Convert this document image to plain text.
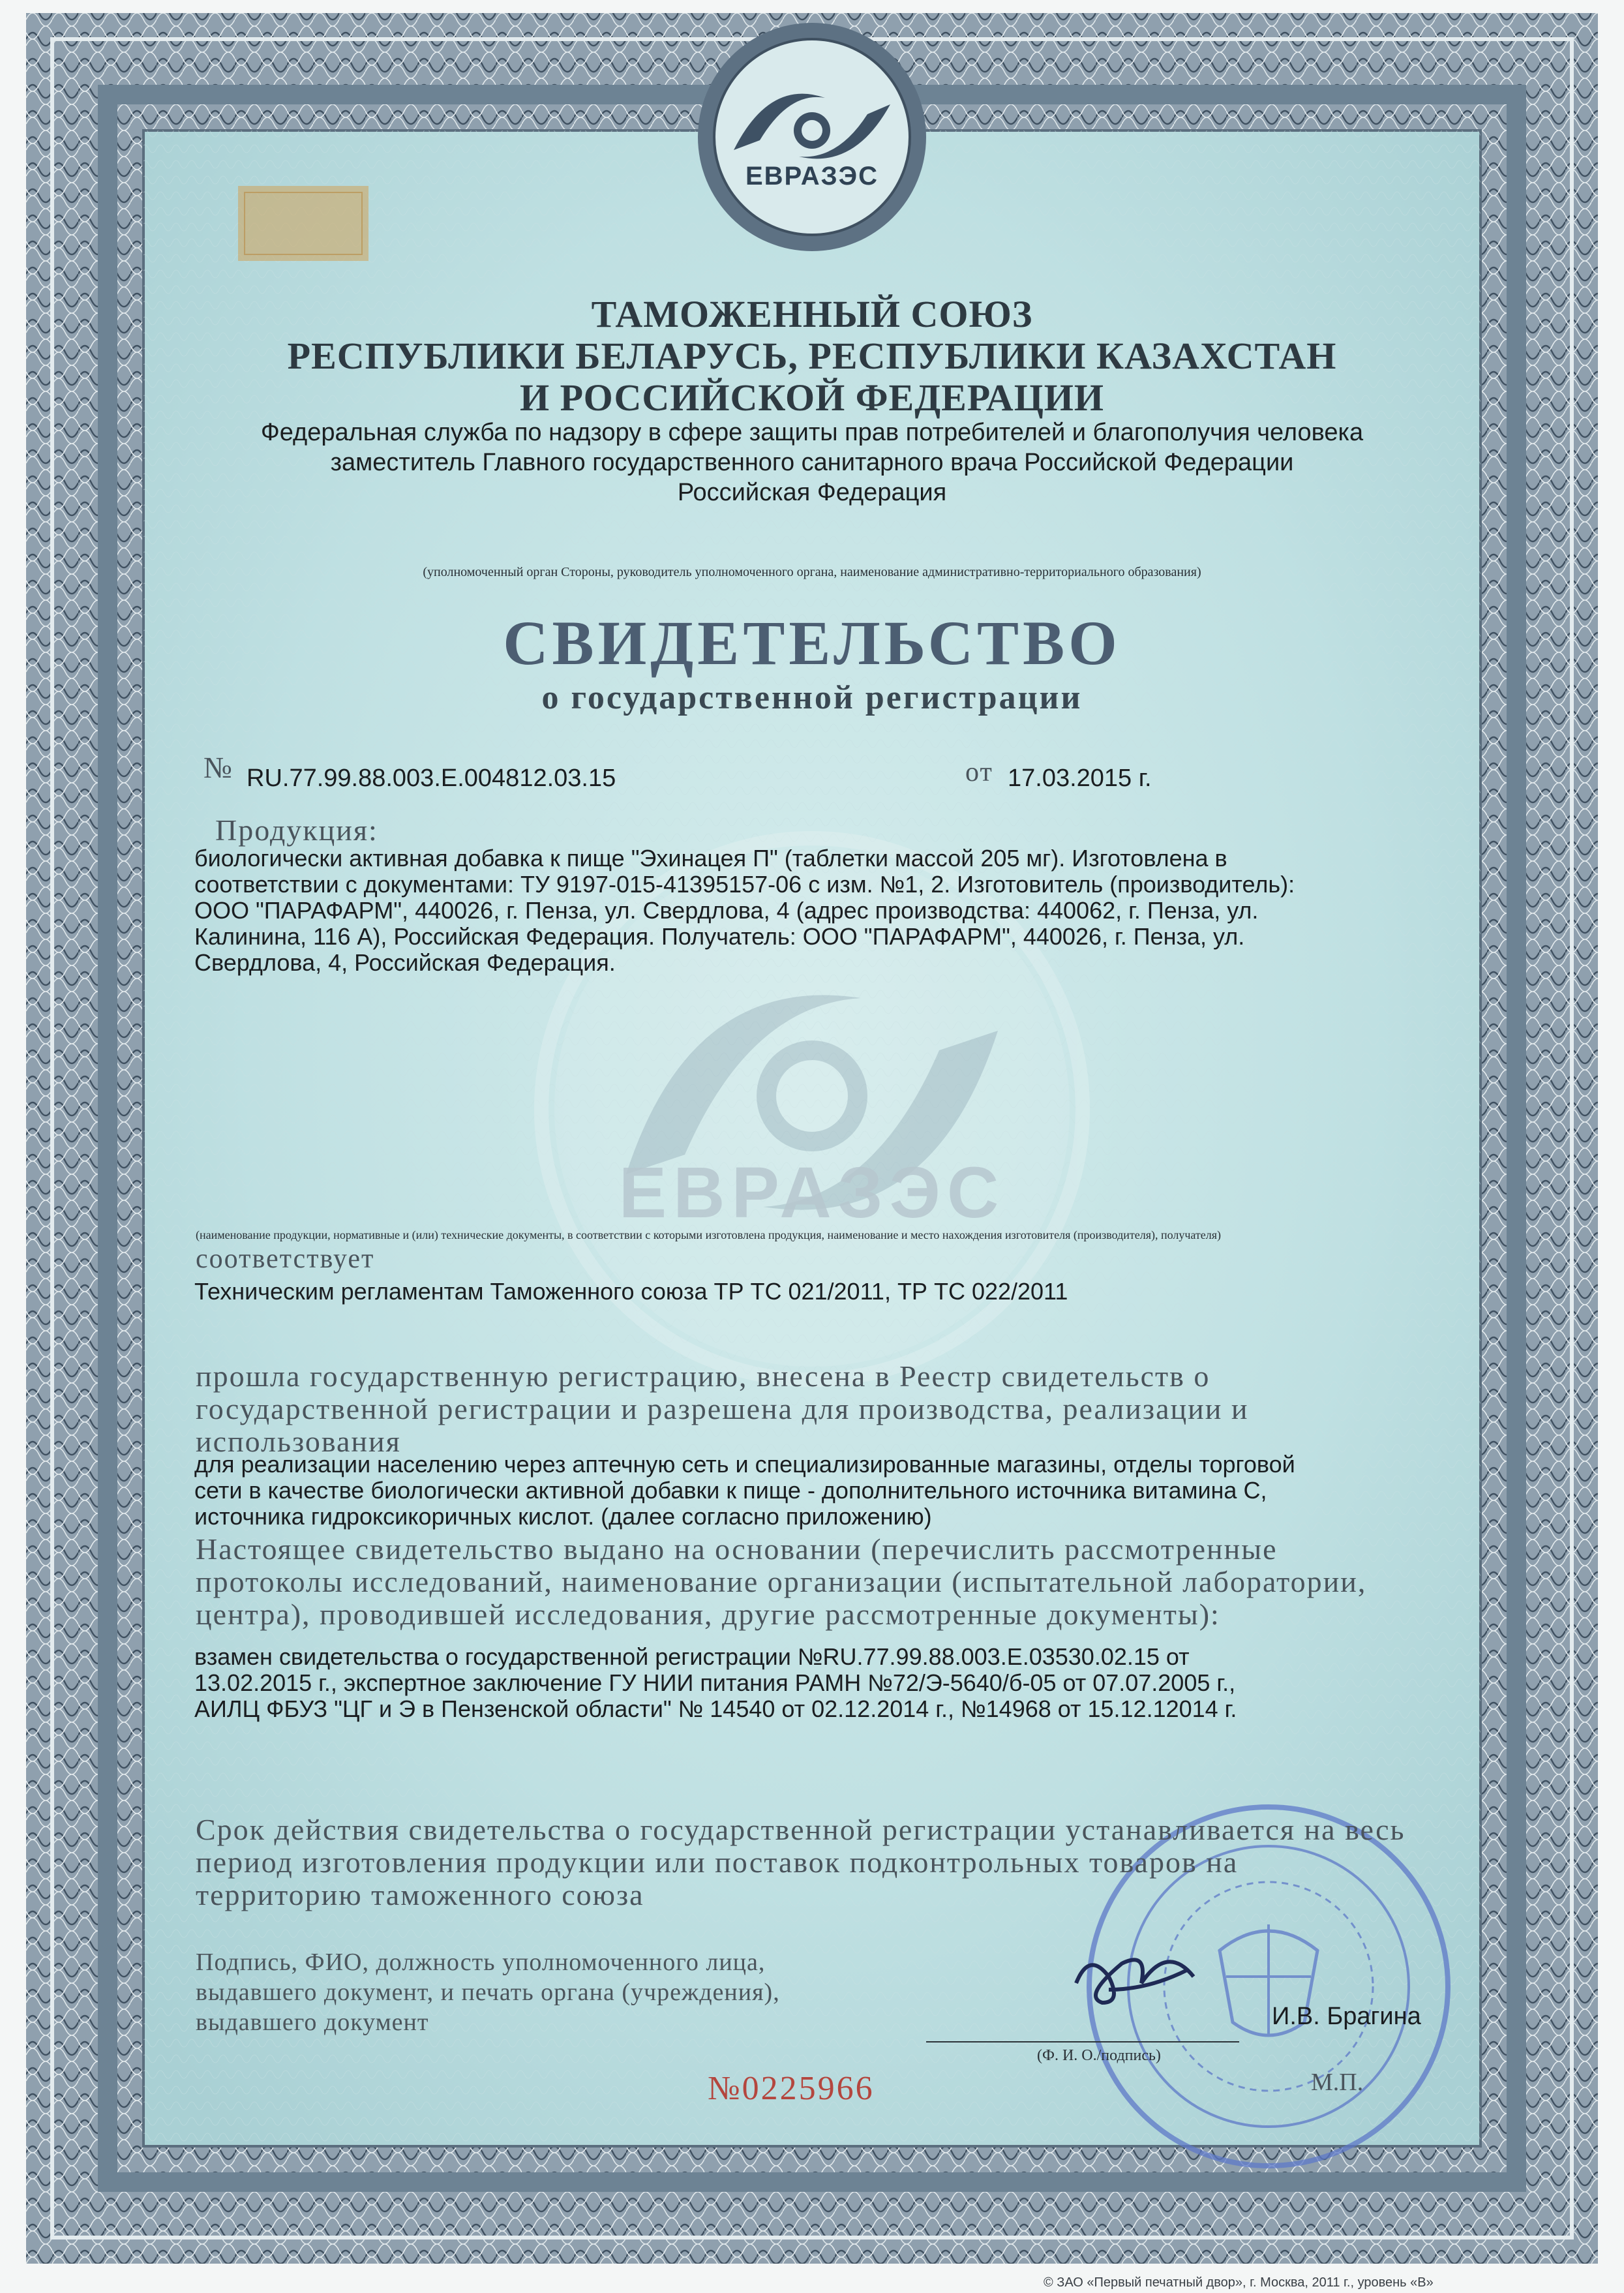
ЕВРАЗЭС
ЕВРАЗЭС
ТАМОЖЕННЫЙ СОЮЗ
РЕСПУБЛИКИ БЕЛАРУСЬ, РЕСПУБЛИКИ КАЗАХСТАН
И РОССИЙСКОЙ ФЕДЕРАЦИИ
Федеральная служба по надзору в сфере защиты прав потребителей и благополучия человека
заместитель Главного государственного санитарного врача Российской Федерации
Российская Федерация
(уполномоченный орган Стороны, руководитель уполномоченного органа, наименование административно-территориального образования)
СВИДЕТЕЛЬСТВО
о государственной регистрации
№ RU.77.99.88.003.Е.004812.03.15	от 17.03.2015 г.
Продукция:
биологически активная добавка к пище "Эхинацея П" (таблетки массой 205 мг). Изготовлена в
соответствии с документами: ТУ 9197-015-41395157-06 с изм. №1, 2. Изготовитель (производитель):
ООО "ПАРАФАРМ", 440026, г. Пенза, ул. Свердлова, 4 (адрес производства: 440062, г. Пенза, ул.
Калинина, 116 А), Российская Федерация. Получатель: ООО "ПАРАФАРМ", 440026, г. Пенза, ул.
Свердлова, 4, Российская Федерация.
(наименование продукции, нормативные и (или) технические документы, в соответствии с которыми изготовлена продукция, наименование и место нахождения изготовителя (производителя), получателя)
соответствует
Техническим регламентам Таможенного союза ТР ТС 021/2011, ТР ТС 022/2011
прошла государственную регистрацию, внесена в Реестр свидетельств о
государственной регистрации и разрешена для производства, реализации и
использования
для реализации населению через аптечную сеть и специализированные магазины, отделы торговой
сети в качестве биологически активной добавки к пище - дополнительного источника витамина С,
источника гидроксикоричных кислот. (далее согласно приложению)
Настоящее свидетельство выдано на основании (перечислить рассмотренные
протоколы исследований, наименование организации (испытательной лаборатории,
центра), проводившей исследования, другие рассмотренные документы):
взамен свидетельства о государственной регистрации №RU.77.99.88.003.Е.03530.02.15 от
13.02.2015 г., экспертное заключение ГУ НИИ питания РАМН №72/Э-5640/б-05 от 07.07.2005 г.,
АИЛЦ ФБУЗ "ЦГ и Э в Пензенской области" № 14540 от 02.12.2014 г., №14968 от 15.12.12014 г.
Срок действия свидетельства о государственной регистрации устанавливается на весь
период изготовления продукции или поставок подконтрольных товаров на
территорию таможенного союза
Подпись, ФИО, должность уполномоченного лица,
выдавшего документ, и печать органа (учреждения),
выдавшего документ	И.В. Брагина
(Ф. И. О./подпись)
М.П.
№0225966
© ЗАО «Первый печатный двор», г. Москва, 2011 г., уровень «В»
